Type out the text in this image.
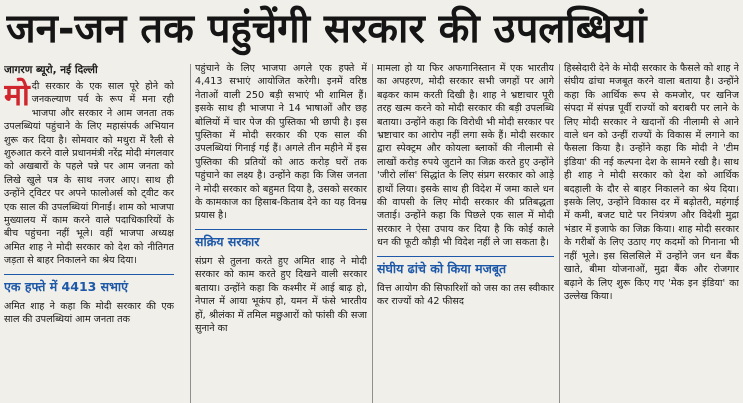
जन-जन तक पहुंचेंगी सरकार की उपलब्धियां
जागरण ब्यूरो, नई दिल्ली
मो दी सरकार के एक साल पूरे होने को जनकल्याण पर्व के रूप में मना रही भाजपा और सरकार ने आम जनता तक उपलब्धियां पहुंचाने के लिए महासंपर्क अभियान शुरू कर दिया है। सोमवार को मथुरा में रैली से शुरुआत करने वाले प्रधानमंत्री नरेंद्र मोदी मंगलवार को अखबारों के पहले पन्ने पर आम जनता को लिखे खुले पत्र के साथ नजर आए। साथ ही उन्होंने ट्विटर पर अपने फालोअर्स को ट्वीट कर एक साल की उपलब्धियां गिनाईं। शाम को भाजपा मुख्यालय में काम करने वाले पदाधिकारियों के बीच पहुंचना नहीं भूले। वहीं भाजपा अध्यक्ष अमित शाह ने मोदी सरकार को देश को नीतिगत जड़ता से बाहर निकालने का श्रेय दिया।

एक हफ्ते में 4413 सभाएं

अमित शाह ने कहा कि मोदी सरकार की एक साल की उपलब्धियां आम जनता तक

पहुंचाने के लिए भाजपा अगले एक हफ्ते में 4,413 सभाएं आयोजित करेगी। इनमें वरिष्ठ नेताओं वाली 250 बड़ी सभाएं भी शामिल हैं। इसके साथ ही भाजपा ने 14 भाषाओं और छह बोलियों में चार पेज की पुस्तिका भी छापी है। इस पुस्तिका में मोदी सरकार की एक साल की उपलब्धियां गिनाई गई हैं। अगले तीन महीने में इस पुस्तिका की प्रतियों को आठ करोड़ घरों तक पहुंचाने का लक्ष्य है। उन्होंने कहा कि जिस जनता ने मोदी सरकार को बहुमत दिया है, उसको सरकार के कामकाज का हिसाब-किताब देने का यह विनम्र प्रयास है।

सक्रिय सरकार

संप्रग से तुलना करते हुए अमित शाह ने मोदी सरकार को काम करते हुए दिखने वाली सरकार बताया। उन्होंने कहा कि कश्मीर में आई बाढ़ हो, नेपाल में आया भूकंप हो, यमन में फंसे भारतीय हों, श्रीलंका में तमिल मछुआरों को फांसी की सजा सुनाने का

मामला हो या फिर अफगानिस्तान में एक भारतीय का अपहरण, मोदी सरकार सभी जगहों पर आगे बढ़कर काम करती दिखी है। शाह ने भ्रष्टाचार पूरी तरह खत्म करने को मोदी सरकार की बड़ी उपलब्धि बताया। उन्होंने कहा कि विरोधी भी मोदी सरकार पर भ्रष्टाचार का आरोप नहीं लगा सके हैं। मोदी सरकार द्वारा स्पेक्ट्रम और कोयला ब्लाकों की नीलामी से लाखों करोड़ रुपये जुटाने का जिक्र करते हुए उन्होंने 'जीरो लॉस' सिद्धांत के लिए संप्रग सरकार को आड़े हाथों लिया। इसके साथ ही विदेश में जमा काले धन की वापसी के लिए मोदी सरकार की प्रतिबद्धता जताई। उन्होंने कहा कि पिछले एक साल में मोदी सरकार ने ऐसा उपाय कर दिया है कि कोई काले धन की फूटी कौड़ी भी विदेश नहीं ले जा सकता है।

संघीय ढांचे को किया मजबूत

वित्त आयोग की सिफारिशों को जस का तस स्वीकार कर राज्यों को 42 फीसद

हिस्सेदारी देने के मोदी सरकार के फैसले को शाह ने संघीय ढांचा मजबूत करने वाला बताया है। उन्होंने कहा कि आर्थिक रूप से कमजोर, पर खनिज संपदा में संपन्न पूर्वी राज्यों को बराबरी पर लाने के लिए मोदी सरकार ने खदानों की नीलामी से आने वाले धन को उन्हीं राज्यों के विकास में लगाने का फैसला किया है। उन्होंने कहा कि मोदी ने 'टीम इंडिया' की नई कल्पना देश के सामने रखी है। साथ ही शाह ने मोदी सरकार को देश को आर्थिक बदहाली के दौर से बाहर निकालने का श्रेय दिया। इसके लिए, उन्होंने विकास दर में बढ़ोतरी, महंगाई में कमी, बजट घाटे पर नियंत्रण और विदेशी मुद्रा भंडार में इजाफे का जिक्र किया। शाह मोदी सरकार के गरीबों के लिए उठाए गए कदमों को गिनाना भी नहीं भूले। इस सिलसिले में उन्होंने जन धन बैंक खाते, बीमा योजनाओं, मुद्रा बैंक और रोजगार बढ़ाने के लिए शुरू किए गए 'मेक इन इंडिया' का उल्लेख किया।
